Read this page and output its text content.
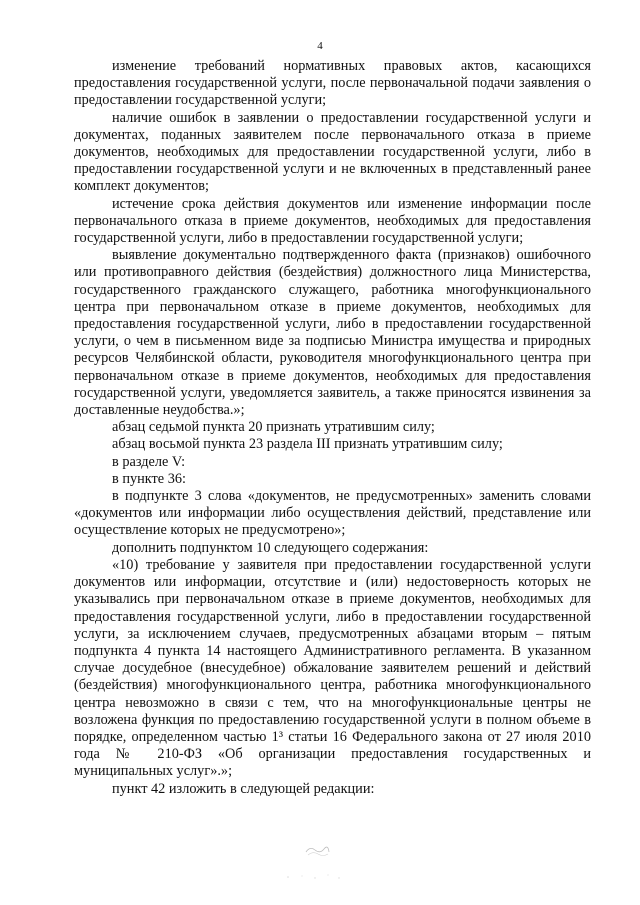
4

изменение требований нормативных правовых актов, касающихся предоставления государственной услуги, после первоначальной подачи заявления о предоставлении государственной услуги;

наличие ошибок в заявлении о предоставлении государственной услуги и документах, поданных заявителем после первоначального отказа в приеме документов, необходимых для предоставлении государственной услуги, либо в предоставлении государственной услуги и не включенных в представленный ранее комплект документов;

истечение срока действия документов или изменение информации после первоначального отказа в приеме документов, необходимых для предоставления государственной услуги, либо в предоставлении государственной услуги;

выявление документально подтвержденного факта (признаков) ошибочного или противоправного действия (бездействия) должностного лица Министерства, государственного гражданского служащего, работника многофункционального центра при первоначальном отказе в приеме документов, необходимых для предоставления государственной услуги, либо в предоставлении государственной услуги, о чем в письменном виде за подписью Министра имущества и природных ресурсов Челябинской области, руководителя многофункционального центра при первоначальном отказе в приеме документов, необходимых для предоставления государственной услуги, уведомляется заявитель, а также приносятся извинения за доставленные неудобства.»;

абзац седьмой пункта 20 признать утратившим силу;

абзац восьмой пункта 23 раздела III признать утратившим силу;

в разделе V:

в пункте 36:

в подпункте 3 слова «документов, не предусмотренных» заменить словами «документов или информации либо осуществления действий, представление или осуществление которых не предусмотрено»;

дополнить подпунктом 10 следующего содержания:

«10) требование у заявителя при предоставлении государственной услуги документов или информации, отсутствие и (или) недостоверность которых не указывались при первоначальном отказе в приеме документов, необходимых для предоставления государственной услуги, либо в предоставлении государственной услуги, за исключением случаев, предусмотренных абзацами вторым – пятым подпункта 4 пункта 14 настоящего Административного регламента. В указанном случае досудебное (внесудебное) обжалование заявителем решений и действий (бездействия) многофункционального центра, работника многофункционального центра невозможно в связи с тем, что на многофункциональные центры не возложена функция по предоставлению государственной услуги в полном объеме в порядке, определенном частью 1³ статьи 16 Федерального закона от 27 июля 2010 года № 210-ФЗ «Об организации предоставления государственных и муниципальных услуг».»;

пункт 42 изложить в следующей редакции:
